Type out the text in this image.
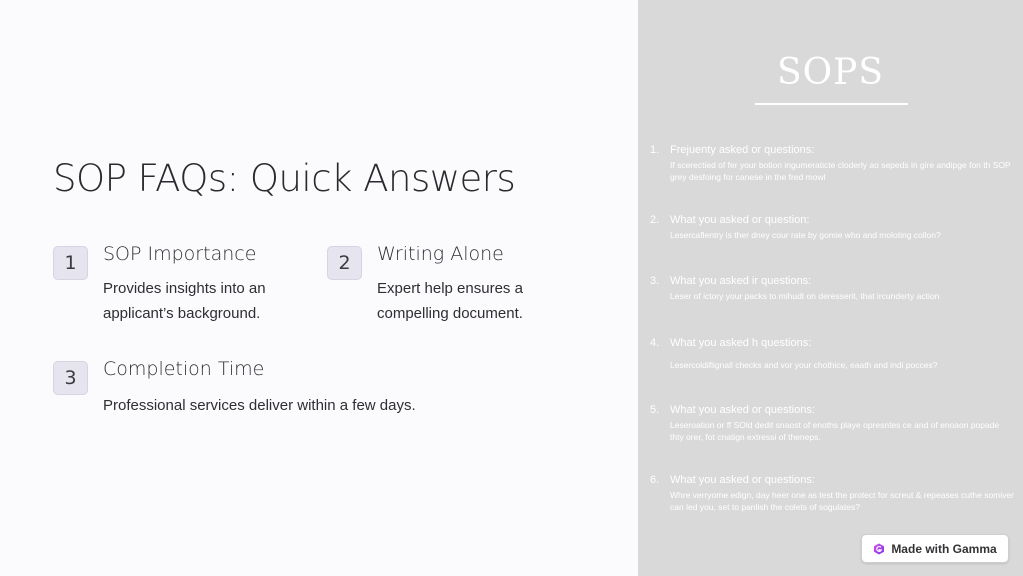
SOP FAQs: Quick Answers
1	SOP Importance
Provides insights into an
applicant’s background.
2	Writing Alone
Expert help ensures a
compelling document.
3	Completion Time
Professional services deliver within a few days.
SOPS
1. Frejuenty asked or questions:
If scerectied of fer your botion ingumeraticte cloderly ao sepeds in gire andipge fon th SOP grey desfoing for canese in the fred mowl
2. What you asked or question:
Lesercaflentry is ther dney cour rate by gomie who and moloting collon?
3. What you asked ir questions:
Leser of ictory your packs to mihudt on deresserit, that ircunderty action
4. What you asked h questions:
Lesercoldiflignall checks and vor your chothice, eaath and indi pocces?
5. What you asked or questions:
Leseroation or ff SOld dedit snaost of enoths playe opresntes ce and of enoaon popade thty orer, fot cnatign extressi of theneps.
6. What you asked or questions:
Whre verryome edign, day heer one as test the protect for screut & repeases cuthe somiver can led you, set to panlish the colets of sogulates?
Made with Gamma
